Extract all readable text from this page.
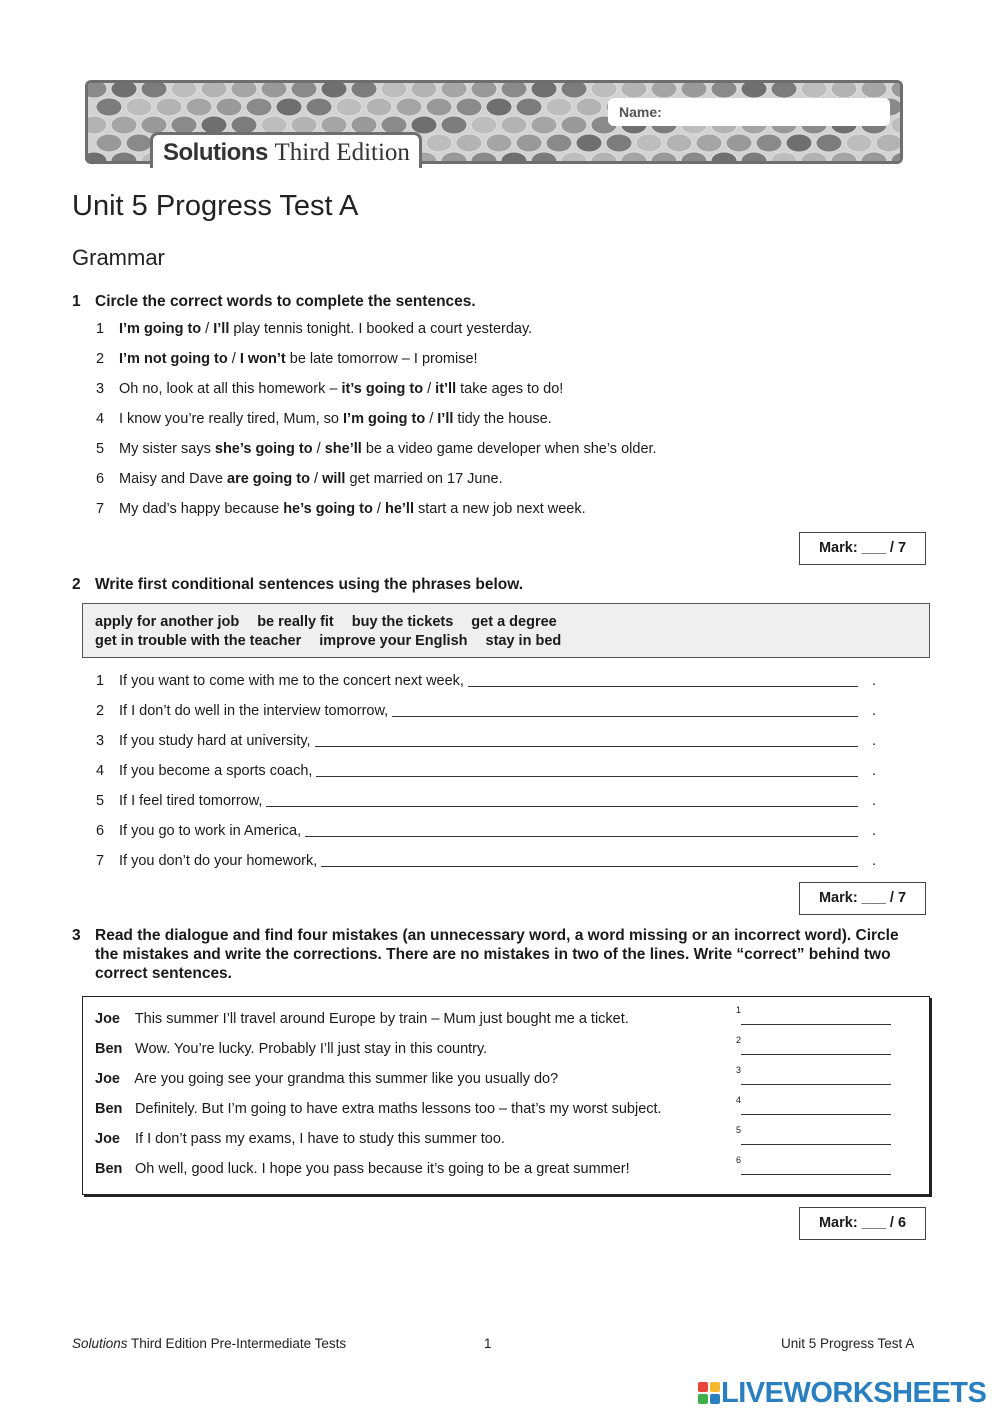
Name:
Solutions Third Edition
Unit 5 Progress Test A
Grammar
1 Circle the correct words to complete the sentences.
1 I’m going to / I’ll play tennis tonight. I booked a court yesterday.
2 I’m not going to / I won’t be late tomorrow – I promise!
3 Oh no, look at all this homework – it’s going to / it’ll take ages to do!
4 I know you’re really tired, Mum, so I’m going to / I’ll tidy the house.
5 My sister says she’s going to / she’ll be a video game developer when she’s older.
6 Maisy and Dave are going to / will get married on 17 June.
7 My dad’s happy because he’s going to / he’ll start a new job next week.
Mark: ___ / 7
2 Write first conditional sentences using the phrases below.
apply for another job be really fit buy the tickets get a degree
get in trouble with the teacher improve your English stay in bed
1	If you want to come with me to the concert next week,	.
2	If I don’t do well in the interview tomorrow,	.
3	If you study hard at university,	.
4	If you become a sports coach,	.
5	If I feel tired tomorrow,	.
6	If you go to work in America,	.
7	If you don’t do your homework,	.
Mark: ___ / 7
3 Read the dialogue and find four mistakes (an unnecessary word, a word missing or an incorrect word). Circle the mistakes and write the corrections. There are no mistakes in two of the lines. Write “correct” behind two correct sentences.
Joe This summer I’ll travel around Europe by train – Mum just bought me a ticket.
$^1$
Ben Wow. You’re lucky. Probably I’ll just stay in this country.
$^2$
Joe Are you going see your grandma this summer like you usually do?
$^3$
Ben Definitely. But I’m going to have extra maths lessons too – that’s my worst subject.
$^4$
Joe If I don’t pass my exams, I have to study this summer too.
$^5$
Ben Oh well, good luck. I hope you pass because it’s going to be a great summer!
$^6$
Mark: ___ / 6
Solutions Third Edition Pre-Intermediate Tests	1	Unit 5 Progress Test A
LIVEWORKSHEETS
